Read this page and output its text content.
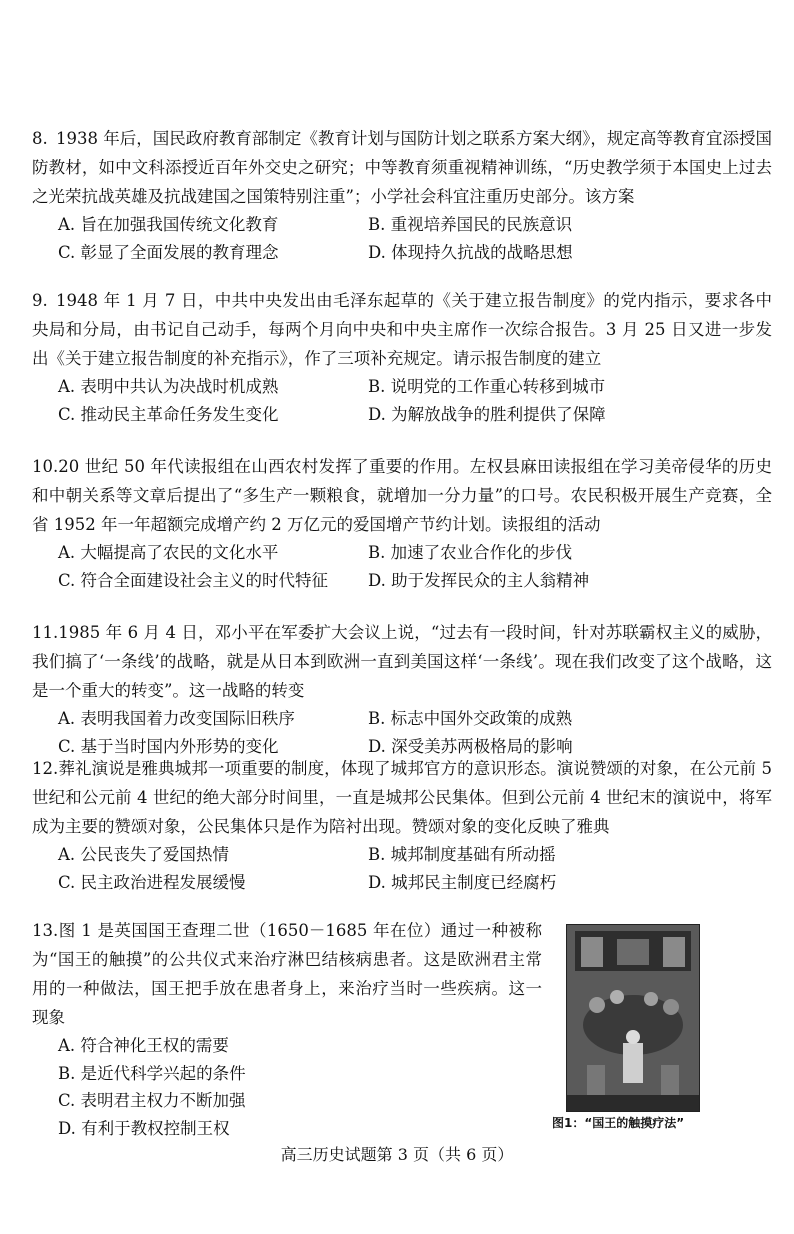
8. 1938 年后，国民政府教育部制定《教育计划与国防计划之联系方案大纲》，规定高等教育宜添授国防教材，如中文科添授近百年外交史之研究；中等教育须重视精神训练，“历史教学须于本国史上过去之光荣抗战英雄及抗战建国之国策特别注重”；小学社会科宜注重历史部分。该方案
A. 旨在加强我国传统文化教育	B. 重视培养国民的民族意识
C. 彰显了全面发展的教育理念	D. 体现持久抗战的战略思想
9. 1948 年 1 月 7 日，中共中央发出由毛泽东起草的《关于建立报告制度》的党内指示，要求各中央局和分局，由书记自己动手，每两个月向中央和中央主席作一次综合报告。3 月 25 日又进一步发出《关于建立报告制度的补充指示》，作了三项补充规定。请示报告制度的建立
A. 表明中共认为决战时机成熟	B. 说明党的工作重心转移到城市
C. 推动民主革命任务发生变化	D. 为解放战争的胜利提供了保障
10.20 世纪 50 年代读报组在山西农村发挥了重要的作用。左权县麻田读报组在学习美帝侵华的历史和中朝关系等文章后提出了“多生产一颗粮食，就增加一分力量”的口号。农民积极开展生产竞赛，全省 1952 年一年超额完成增产约 2 万亿元的爱国增产节约计划。读报组的活动
A. 大幅提高了农民的文化水平	B. 加速了农业合作化的步伐
C. 符合全面建设社会主义的时代特征	D. 助于发挥民众的主人翁精神
11.1985 年 6 月 4 日，邓小平在军委扩大会议上说，“过去有一段时间，针对苏联霸权主义的威胁，我们搞了‘一条线’的战略，就是从日本到欧洲一直到美国这样‘一条线’。现在我们改变了这个战略，这是一个重大的转变”。这一战略的转变
A. 表明我国着力改变国际旧秩序	B. 标志中国外交政策的成熟
C. 基于当时国内外形势的变化	D. 深受美苏两极格局的影响
12.葬礼演说是雅典城邦一项重要的制度，体现了城邦官方的意识形态。演说赞颂的对象，在公元前 5 世纪和公元前 4 世纪的绝大部分时间里，一直是城邦公民集体。但到公元前 4 世纪末的演说中，将军成为主要的赞颂对象，公民集体只是作为陪衬出现。赞颂对象的变化反映了雅典
A. 公民丧失了爱国热情	B. 城邦制度基础有所动摇
C. 民主政治进程发展缓慢	D. 城邦民主制度已经腐朽
13.图 1 是英国国王查理二世（1650－1685 年在位）通过一种被称为“国王的触摸”的公共仪式来治疗淋巴结核病患者。这是欧洲君主常用的一种做法，国王把手放在患者身上，来治疗当时一些疾病。这一现象
A. 符合神化王权的需要
B. 是近代科学兴起的条件
C. 表明君主权力不断加强
D. 有利于教权控制王权	图1：“国王的触摸疗法”
高三历史试题第 3 页（共 6 页）
